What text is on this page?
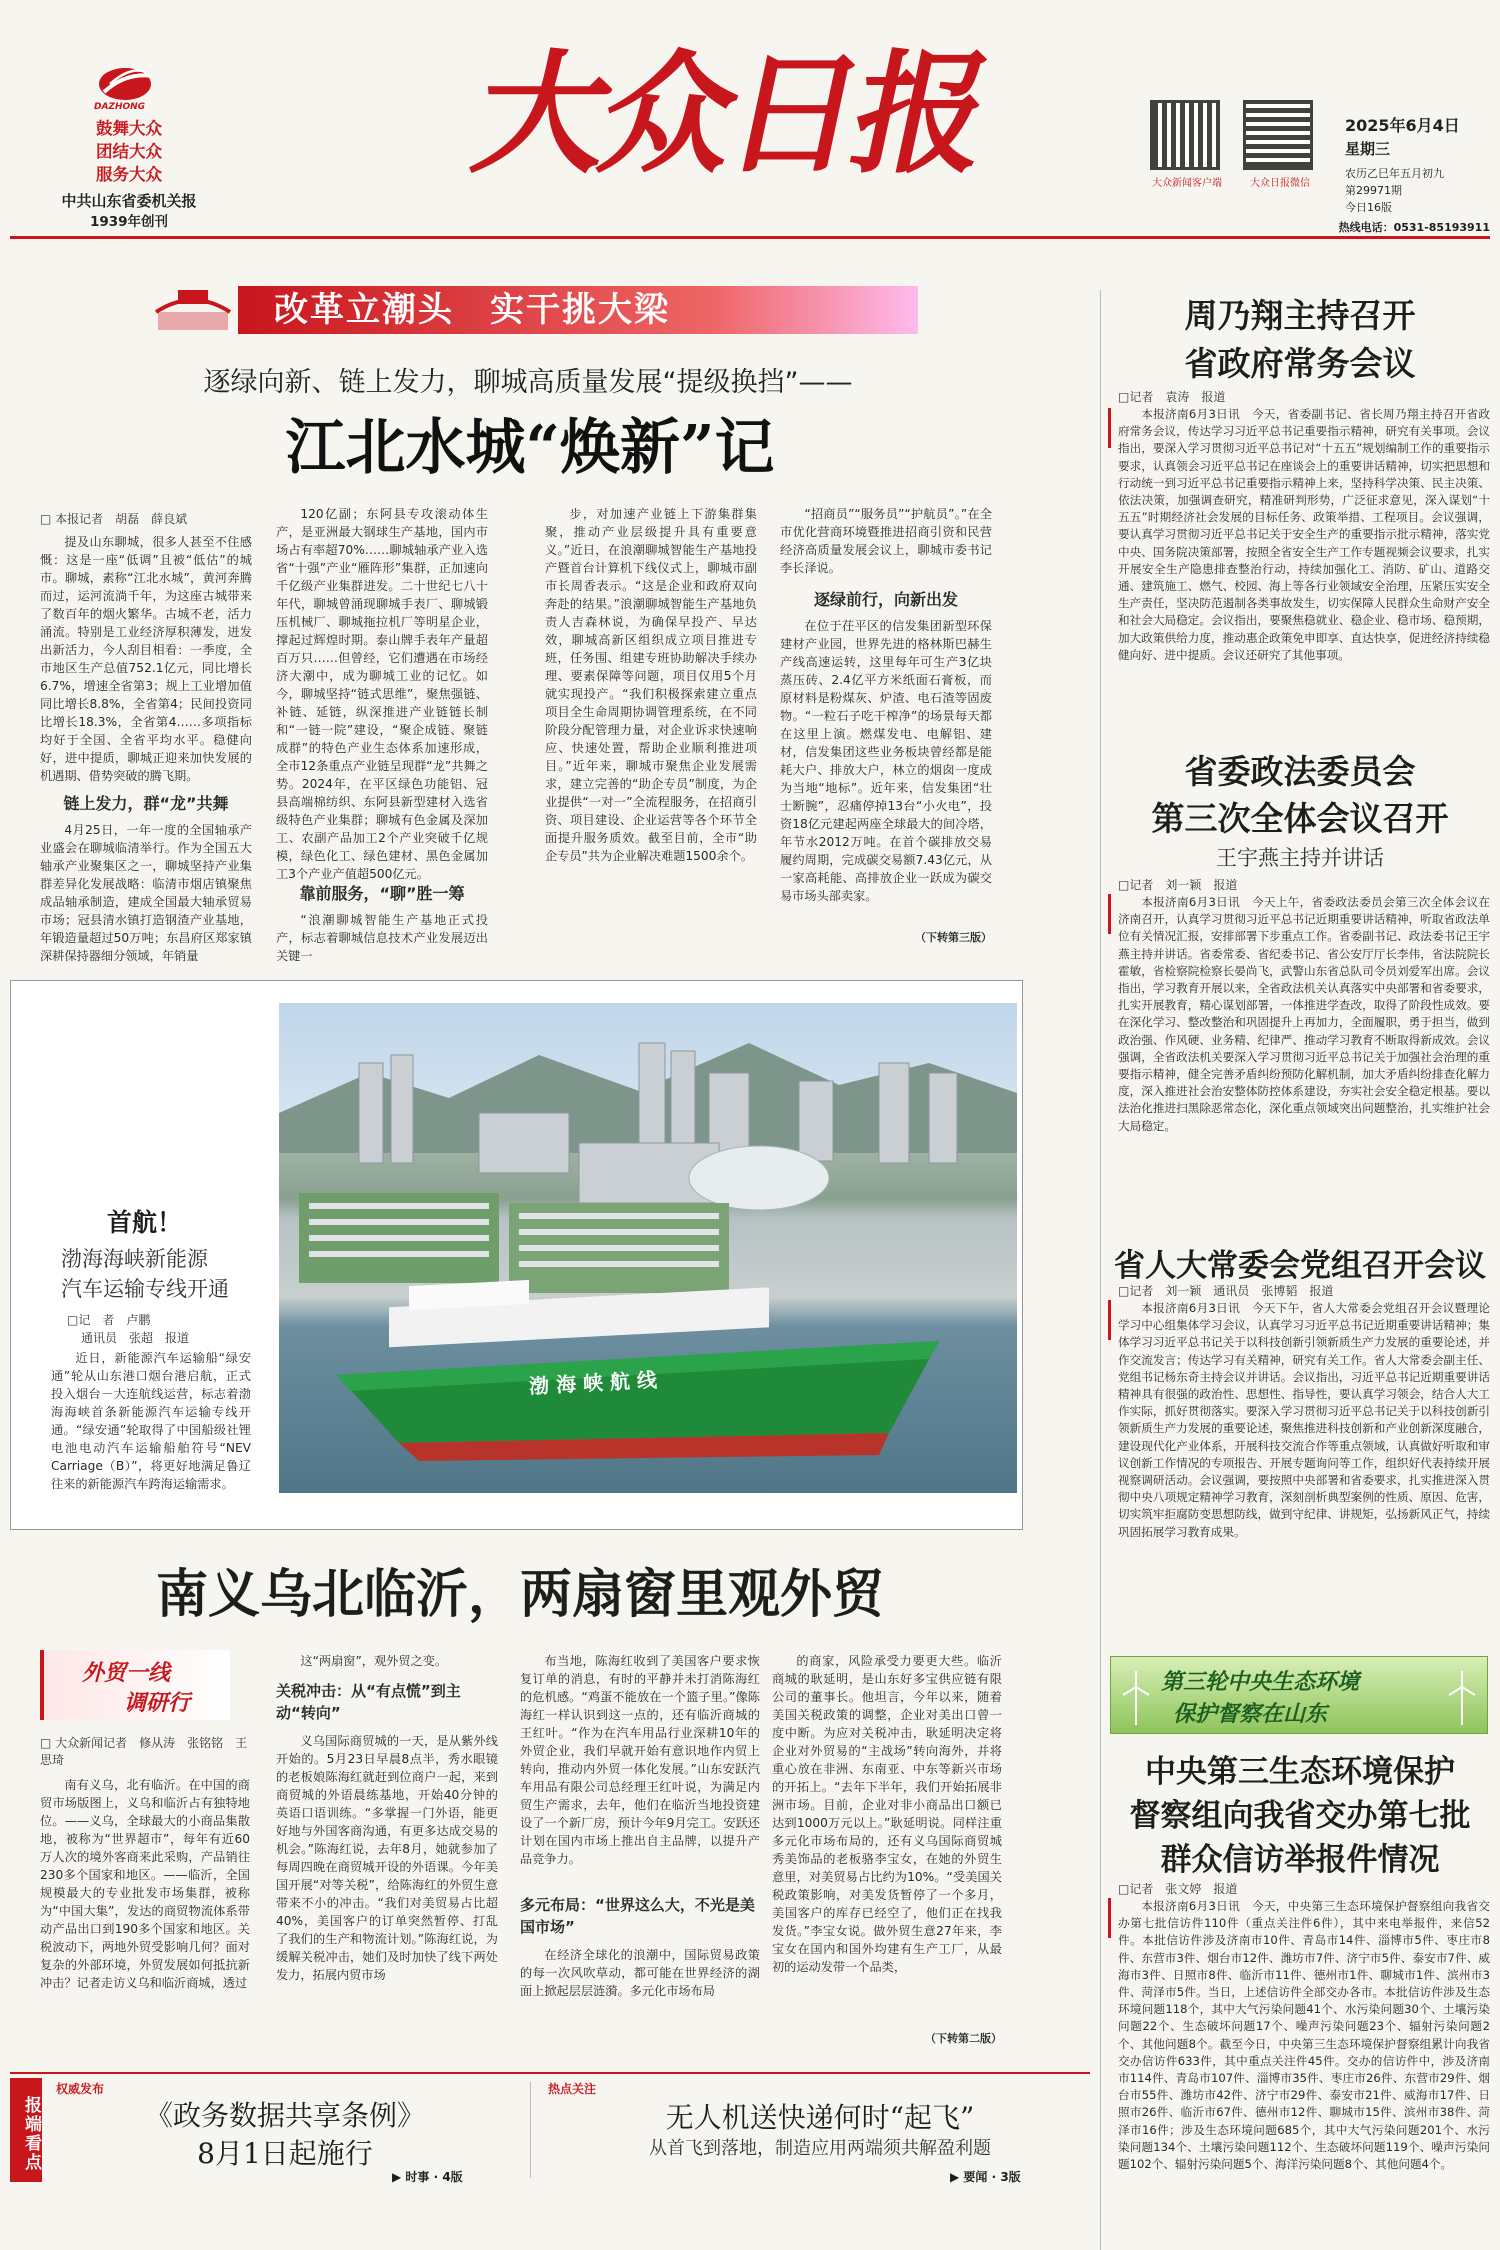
DAZHONG
鼓舞大众
团结大众
服务大众
中共山东省委机关报
1939年创刊
大众日报	大众新闻客户端	大众日报微信
2025年6月4日
星期三
农历乙巳年五月初九
第29971期
今日16版
热线电话：0531-85193911
改革立潮头　实干挑大梁
逐绿向新、链上发力，聊城高质量发展“提级换挡”——
江北水城“焕新”记
□ 本报记者　胡磊　薛良斌

提及山东聊城，很多人甚至不住感慨：这是一座“低调”且被“低估”的城市。聊城，素称“江北水城”，黄河奔腾而过，运河流淌千年，为这座古城带来了数百年的烟火繁华。古城不老，活力涌流。特别是工业经济厚积薄发，迸发出新活力，今人刮目相看：一季度，全市地区生产总值752.1亿元，同比增长6.7%，增速全省第3；规上工业增加值同比增长8.8%，全省第4；民间投资同比增长18.3%，全省第4……多项指标均好于全国、全省平均水平。稳健向好，进中提质，聊城正迎来加快发展的机遇期、借势突破的腾飞期。

链上发力，群“龙”共舞

4月25日，一年一度的全国轴承产业盛会在聊城临清举行。作为全国五大轴承产业聚集区之一，聊城坚持产业集群差异化发展战略：临清市烟店镇聚焦成品轴承制造，建成全国最大轴承贸易市场；冠县清水镇打造钢渣产业基地，年锻造量超过50万吨；东昌府区郑家镇深耕保持器细分领域，年销量

120亿副；东阿县专攻滚动体生产，是亚洲最大钢球生产基地，国内市场占有率超70%……聊城轴承产业入选省“十强”产业“雁阵形”集群，正加速向千亿级产业集群进发。二十世纪七八十年代，聊城曾涌现聊城手表厂、聊城锻压机械厂、聊城拖拉机厂等明星企业，撑起过辉煌时期。泰山牌手表年产量超百万只……但曾经，它们遭遇在市场经济大潮中，成为聊城工业的记忆。如今，聊城坚持“链式思维”，聚焦强链、补链、延链，纵深推进产业链链长制和“一链一院”建设，“聚企成链、聚链成群”的特色产业生态体系加速形成，全市12条重点产业链呈现群“龙”共舞之势。2024年，在平区绿色功能铝、冠县高端棉纺织、东阿县新型建材入选省级特色产业集群；聊城有色金属及深加工、农副产品加工2个产业突破千亿规模，绿色化工、绿色建材、黑色金属加工3个产业产值超500亿元。

靠前服务，“聊”胜一筹

“浪潮聊城智能生产基地正式投产，标志着聊城信息技术产业发展迈出关键一

步，对加速产业链上下游集群集聚，推动产业层级提升具有重要意义。”近日，在浪潮聊城智能生产基地投产暨首台计算机下线仪式上，聊城市副市长周香表示。“这是企业和政府双向奔赴的结果。”浪潮聊城智能生产基地负责人吉森林说，为确保早投产、早达效，聊城高新区组织成立项目推进专班，任务围、组建专班协助解决手续办理、要素保障等问题，项目仅用5个月就实现投产。“我们积极探索建立重点项目全生命周期协调管理系统，在不同阶段分配管理力量，对企业诉求快速响应、快速处置，帮助企业顺利推进项目。”近年来，聊城市聚焦企业发展需求，建立完善的“助企专员”制度，为企业提供“一对一”全流程服务，在招商引资、项目建设、企业运营等各个环节全面提升服务质效。截至目前，全市“助企专员”共为企业解决难题1500余个。

“招商员”“服务员”“护航员”。”在全市优化营商环境暨推进招商引资和民营经济高质量发展会议上，聊城市委书记李长泽说。

逐绿前行，向新出发

在位于茌平区的信发集团新型环保建材产业园，世界先进的格林斯巴赫生产线高速运转，这里每年可生产3亿块蒸压砖、2.4亿平方米纸面石膏板，而原材料是粉煤灰、炉渣、电石渣等固废物。“一粒石子吃干榨净”的场景每天都在这里上演。燃煤发电、电解铝、建材，信发集团这些业务板块曾经都是能耗大户、排放大户，林立的烟囱一度成为当地“地标”。近年来，信发集团“壮士断腕”，忍痛停掉13台“小火电”，投资18亿元建起两座全球最大的间冷塔，年节水2012万吨。在首个碳排放交易履约周期，完成碳交易额7.43亿元，从一家高耗能、高排放企业一跃成为碳交易市场头部卖家。

（下转第三版）
首航！
渤海海峡新能源
汽车运输专线开通
□记　者　卢鹏
通讯员　张超　报道

近日，新能源汽车运输船“绿安通”轮从山东港口烟台港启航，正式投入烟台－大连航线运营，标志着渤海海峡首条新能源汽车运输专线开通。“绿安通”轮取得了中国船级社锂电池电动汽车运输船舶符号“NEV Carriage（B）”，将更好地满足鲁辽往来的新能源汽车跨海运输需求。

渤 海 峡 航 线
南义乌北临沂，两扇窗里观外贸
外贸一线
调研行
□ 大众新闻记者　修从涛　张铭铭　王思琦

南有义乌，北有临沂。在中国的商贸市场版图上，义乌和临沂占有独特地位。——义乌，全球最大的小商品集散地，被称为“世界超市”，每年有近60万人次的境外客商来此采购，产品销往230多个国家和地区。——临沂，全国规模最大的专业批发市场集群，被称为“中国大集”，发达的商贸物流体系带动产品出口到190多个国家和地区。关税波动下，两地外贸受影响几何？面对复杂的外部环境，外贸发展如何抵抗新冲击？记者走访义乌和临沂商城，透过

这“两扇窗”，观外贸之变。

关税冲击：从“有点慌”到主动“转向”

义乌国际商贸城的一天，是从紫外线开始的。5月23日早晨8点半，秀水眼镜的老板娘陈海红就赶到位商户一起，来到商贸城的外语晨练基地，开始40分钟的英语口语训练。“多掌握一门外语，能更好地与外国客商沟通，有更多达成交易的机会。”陈海红说，去年8月，她就参加了每周四晚在商贸城开设的外语课。今年美国开展“对等关税”，给陈海红的外贸生意带来不小的冲击。“我们对美贸易占比超40%，美国客户的订单突然暂停、打乱了我们的生产和物流计划。”陈海红说，为缓解关税冲击，她们及时加快了线下两处发力，拓展内贸市场

布当地，陈海红收到了美国客户要求恢复订单的消息，有时的平静并未打消陈海红的危机感。“鸡蛋不能放在一个篮子里。”像陈海红一样认识到这一点的，还有临沂商城的王红叶。“作为在汽车用品行业深耕10年的外贸企业，我们早就开始有意识地作内贸上转向，推动内外贸一体化发展。”山东安跃汽车用品有限公司总经理王红叶说，为满足内贸生产需求，去年，他们在临沂当地投资建设了一个新厂房，预计今年9月完工。安跃还计划在国内市场上推出自主品牌，以提升产品竞争力。

多元布局：“世界这么大，不光是美国市场”

在经济全球化的浪潮中，国际贸易政策的每一次风吹草动，都可能在世界经济的湖面上掀起层层涟漪。多元化市场布局

的商家，风险承受力要更大些。临沂商城的耿延明，是山东好多宝供应链有限公司的董事长。他坦言，今年以来，随着美国关税政策的调整，企业对美出口曾一度中断。为应对关税冲击，耿延明决定将企业对外贸易的“主战场”转向海外，并将重心放在非洲、东南亚、中东等新兴市场的开拓上。“去年下半年，我们开始拓展非洲市场。目前，企业对非小商品出口额已达到1000万元以上。”耿延明说。同样注重多元化市场布局的，还有义乌国际商贸城秀美饰品的老板骆李宝女，在她的外贸生意里，对美贸易占比约为10%。“受美国关税政策影响，对美发货暂停了一个多月，美国客户的库存已经空了，他们正在找我发货。”李宝女说。做外贸生意27年来，李宝女在国内和国外均建有生产工厂，从最初的运动发带一个品类，

（下转第二版）
周乃翔主持召开
省政府常务会议
□记者　袁涛　报道

本报济南6月3日讯　今天，省委副书记、省长周乃翔主持召开省政府常务会议，传达学习习近平总书记重要指示精神，研究有关事项。会议指出，要深入学习贯彻习近平总书记对“十五五”规划编制工作的重要指示要求，认真领会习近平总书记在座谈会上的重要讲话精神，切实把思想和行动统一到习近平总书记重要指示精神上来，坚持科学决策、民主决策、依法决策，加强调查研究，精准研判形势，广泛征求意见，深入谋划“十五五”时期经济社会发展的目标任务、政策举措、工程项目。会议强调，要认真学习贯彻习近平总书记关于安全生产的重要指示批示精神，落实党中央、国务院决策部署，按照全省安全生产工作专题视频会议要求，扎实开展安全生产隐患排查整治行动，持续加强化工、消防、矿山、道路交通、建筑施工、燃气、校园、海上等各行业领域安全治理，压紧压实安全生产责任，坚决防范遏制各类事故发生，切实保障人民群众生命财产安全和社会大局稳定。会议指出，要聚焦稳就业、稳企业、稳市场、稳预期，加大政策供给力度，推动惠企政策免申即享、直达快享，促进经济持续稳健向好、进中提质。会议还研究了其他事项。

省委政法委员会
第三次全体会议召开
王宇燕主持并讲话
□记者　刘一颖　报道

本报济南6月3日讯　今天上午，省委政法委员会第三次全体会议在济南召开，认真学习贯彻习近平总书记近期重要讲话精神，听取省政法单位有关情况汇报，安排部署下步重点工作。省委副书记、政法委书记王宇燕主持并讲话。省委常委、省纪委书记、省公安厅厅长李伟，省法院院长霍敏，省检察院检察长晏尚飞，武警山东省总队司令员刘爱军出席。会议指出，学习教育开展以来，全省政法机关认真落实中央部署和省委要求，扎实开展教育，精心谋划部署，一体推进学查改，取得了阶段性成效。要在深化学习、整改整治和巩固提升上再加力，全面履职，勇于担当，做到政治强、作风硬、业务精、纪律严、推动学习教育不断取得新成效。会议强调，全省政法机关要深入学习贯彻习近平总书记关于加强社会治理的重要指示精神，健全完善矛盾纠纷预防化解机制，加大矛盾纠纷排查化解力度，深入推进社会治安整体防控体系建设，夯实社会安全稳定根基。要以法治化推进扫黑除恶常态化，深化重点领域突出问题整治，扎实维护社会大局稳定。

省人大常委会党组召开会议
□记者　刘一颖　通讯员　张博韬　报道

本报济南6月3日讯　今天下午，省人大常委会党组召开会议暨理论学习中心组集体学习会议，认真学习习近平总书记近期重要讲话精神；集体学习习近平总书记关于以科技创新引领新质生产力发展的重要论述，并作交流发言；传达学习有关精神，研究有关工作。省人大常委会副主任、党组书记杨东奇主持会议并讲话。会议指出，习近平总书记近期重要讲话精神具有很强的政治性、思想性、指导性，要认真学习领会，结合人大工作实际，抓好贯彻落实。要深入学习贯彻习近平总书记关于以科技创新引领新质生产力发展的重要论述，聚焦推进科技创新和产业创新深度融合，建设现代化产业体系，开展科技交流合作等重点领域，认真做好听取和审议创新工作情况的专项报告、开展专题询问等工作，组织好代表持续开展视察调研活动。会议强调，要按照中央部署和省委要求，扎实推进深入贯彻中央八项规定精神学习教育，深刻剖析典型案例的性质、原因、危害，切实筑牢拒腐防变思想防线，做到守纪律、讲规矩，弘扬新风正气，持续巩固拓展学习教育成果。

第三轮中央生态环境
保护督察在山东
中央第三生态环境保护
督察组向我省交办第七批
群众信访举报件情况
□记者　张文婷　报道

本报济南6月3日讯　今天，中央第三生态环境保护督察组向我省交办第七批信访件110件（重点关注件6件），其中来电举报件，来信52件。本批信访件涉及济南市10件、青岛市14件、淄博市5件、枣庄市8件、东营市3件、烟台市12件、潍坊市7件、济宁市5件、泰安市7件、威海市3件、日照市8件、临沂市11件、德州市1件、聊城市1件、滨州市3件、菏泽市5件。当日，上述信访件全部交办各市。本批信访件涉及生态环境问题118个，其中大气污染问题41个、水污染问题30个、土壤污染问题22个、生态破坏问题17个、噪声污染问题23个、辐射污染问题2个、其他问题8个。截至今日，中央第三生态环境保护督察组累计向我省交办信访件633件，其中重点关注件45件。交办的信访件中，涉及济南市114件、青岛市107件、淄博市35件、枣庄市26件、东营市29件、烟台市55件、潍坊市42件、济宁市29件、泰安市21件、威海市17件、日照市26件、临沂市67件、德州市12件、聊城市15件、滨州市38件、菏泽市16件；涉及生态环境问题685个，其中大气污染问题201个、水污染问题134个、土壤污染问题112个、生态破坏问题119个、噪声污染问题102个、辐射污染问题5个、海洋污染问题8个、其他问题4个。

报端看点
权威发布
《政务数据共享条例》
8月1日起施行
▶ 时事 · 4版
热点关注
无人机送快递何时“起飞”
从首飞到落地，制造应用两端须共解盈利题
▶ 要闻 · 3版
